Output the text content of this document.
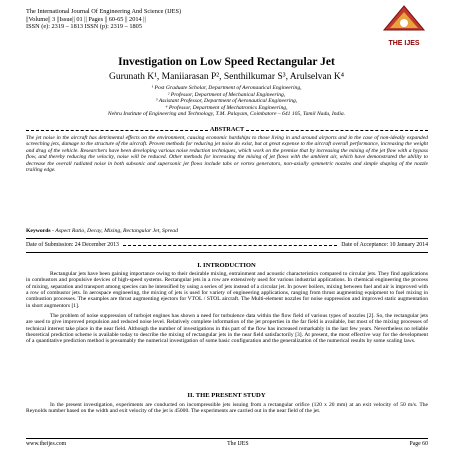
The International Journal Of Engineering And Science (IJES)
||Volume|| 3 ||Issue|| 01 || Pages || 60-65 || 2014 ||
ISSN (e): 2319 – 1813 ISSN (p): 2319 – 1805
THE IJES
Investigation on Low Speed Rectangular Jet
Gurunath K¹, Maniiarasan P², Senthilkumar S³, Arulselvan K⁴
¹ Post Graduate Scholar, Department of Aeronautical Engineering,
² Professor, Department of Mechanical Engineering,
³ Assistant Professor, Department of Aeronautical Engineering,
⁴ Professor, Department of Mechatronics Engineering,
Nehru Institute of Engineering and Technology, T.M. Palayam, Coimbatore – 641 105, Tamil Nadu, India.
ABSTRACT
The jet noise in the aircraft has detrimental effects on the environment, causing economic hardships to those living in and around airports and in the case of non-ideally expanded screeching jets, damage to the structure of the aircraft. Proven methods for reducing jet noise do exist, but at great expense to the aircraft overall performance, increasing the weight and drag of the vehicle. Researchers have been developing various noise reduction techniques, which work on the premise that by increasing the mixing of the jet flow with a bypass flow, and thereby reducing the velocity, noise will be reduced. Other methods for increasing the mixing of jet flows with the ambient air, which have demonstrated the ability to decrease the overall radiated noise in both subsonic and supersonic jet flows include tabs or vortex generators, non-axially symmetric nozzles and simple shaping of the nozzle trailing edge.
Keywords - Aspect Ratio, Decay, Mixing, Rectangular Jet, Spread
Date of Submission: 24 December 2013	Date of Acceptance: 10 January 2014
I. INTRODUCTION

Rectangular jets have been gaining importance owing to their desirable mixing, entrainment and acoustic characteristics compared to circular jets. They find applications in combustors and propulsive devices of high-speed systems. Rectangular jets in a row are extensively used for various industrial applications. In chemical engineering the process of mixing, separation and transport among species can be intensified by using a series of jets instead of a circular jet. In power boilers, mixing between fuel and air is improved with a row of combustor jets. In aerospace engineering, the mixing of jets is used for variety of engineering applications, ranging from thrust augmenting equipment to fuel mixing in combustion processes. The examples are thrust augmenting ejectors for VTOL / STOL aircraft. The Multi-element nozzles for noise suppression and improved static augmentation in short augmentors [1].

The problem of noise suppression of turbojet engines has shown a need for turbulence data within the flow field of various types of nozzles [2]. So, the rectangular jets are used to give improved propulsion and reduced noise level. Relatively complete information of the jet properties in the far field is available, but most of the mixing processes of technical interest take place in the near field. Although the number of investigations in this part of the flow has increased remarkably in the last few years. Nevertheless no reliable theoretical prediction scheme is available today to describe the mixing of rectangular jets in the near field satisfactorily [3]. At present, the most effective way for the development of a quantitative prediction method is presumably the numerical investigation of some basic configuration and the generalization of the numerical results by some scaling laws.

II. THE PRESENT STUDY

In the present investigation, experiments are conducted on incompressible jets issuing from a rectangular orifice (120 x 20 mm) at an exit velocity of 50 m/s. The Reynolds number based on the width and exit velocity of the jet is 45000. The experiments are carried out in the near field of the jet.

www.theijes.com	The IJES	Page 60
